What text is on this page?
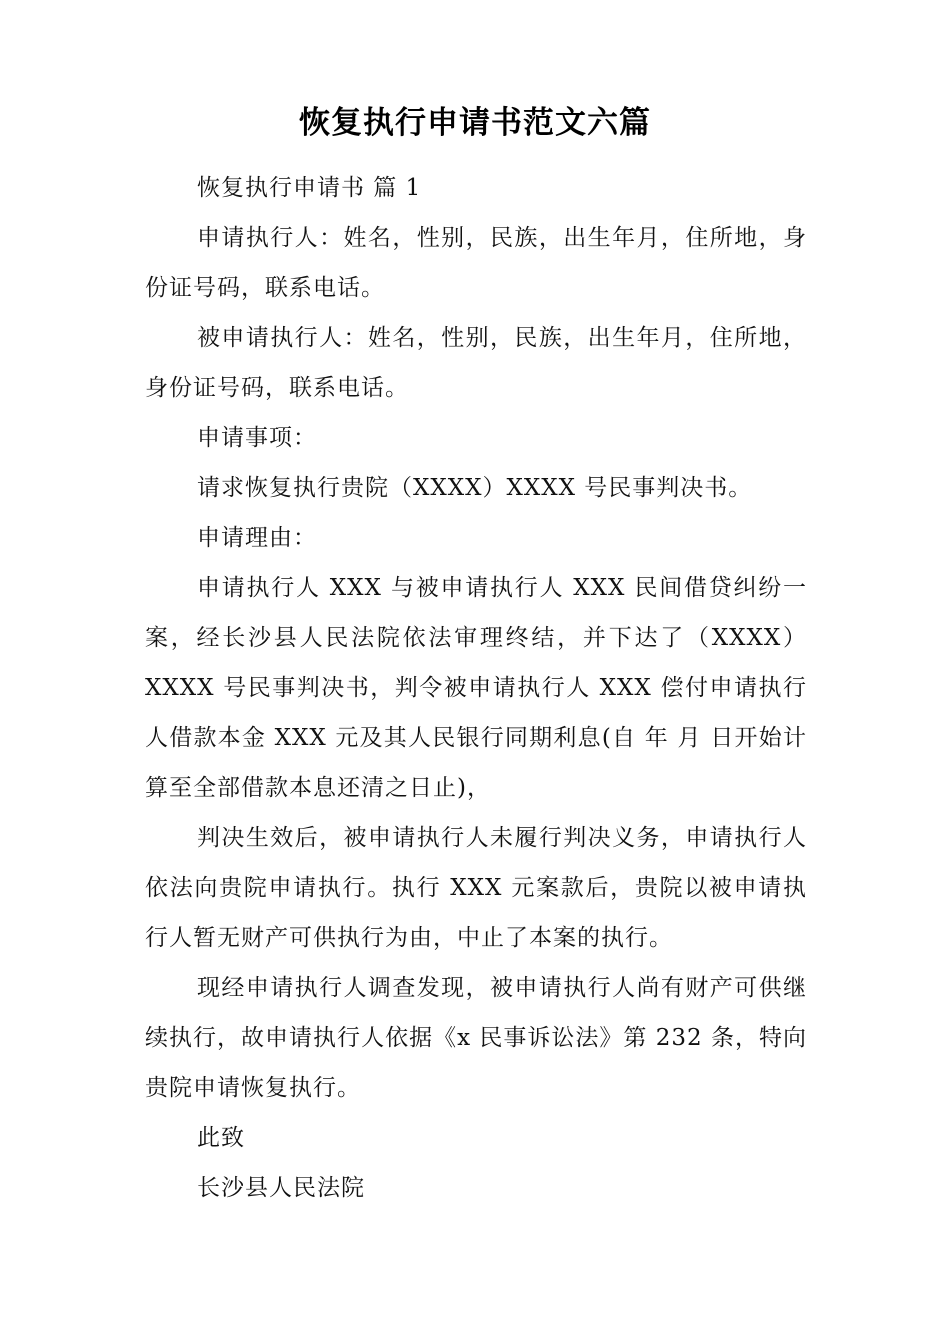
恢复执行申请书范文六篇

恢复执行申请书 篇 1

申请执行人：姓名，性别，民族，出生年月，住所地，身份证号码，联系电话。

被申请执行人：姓名，性别，民族，出生年月，住所地，身份证号码，联系电话。

申请事项：

请求恢复执行贵院（XXXX）XXXX 号民事判决书。

申请理由：

申请执行人 XXX 与被申请执行人 XXX 民间借贷纠纷一案，经长沙县人民法院依法审理终结，并下达了（XXXX）XXXX 号民事判决书，判令被申请执行人 XXX 偿付申请执行人借款本金 XXX 元及其人民银行同期利息(自 年 月 日开始计算至全部借款本息还清之日止)，

判决生效后，被申请执行人未履行判决义务，申请执行人依法向贵院申请执行。执行 XXX 元案款后，贵院以被申请执行人暂无财产可供执行为由，中止了本案的执行。

现经申请执行人调查发现，被申请执行人尚有财产可供继续执行，故申请执行人依据《x 民事诉讼法》第 232 条，特向贵院申请恢复执行。

此致

长沙县人民法院
